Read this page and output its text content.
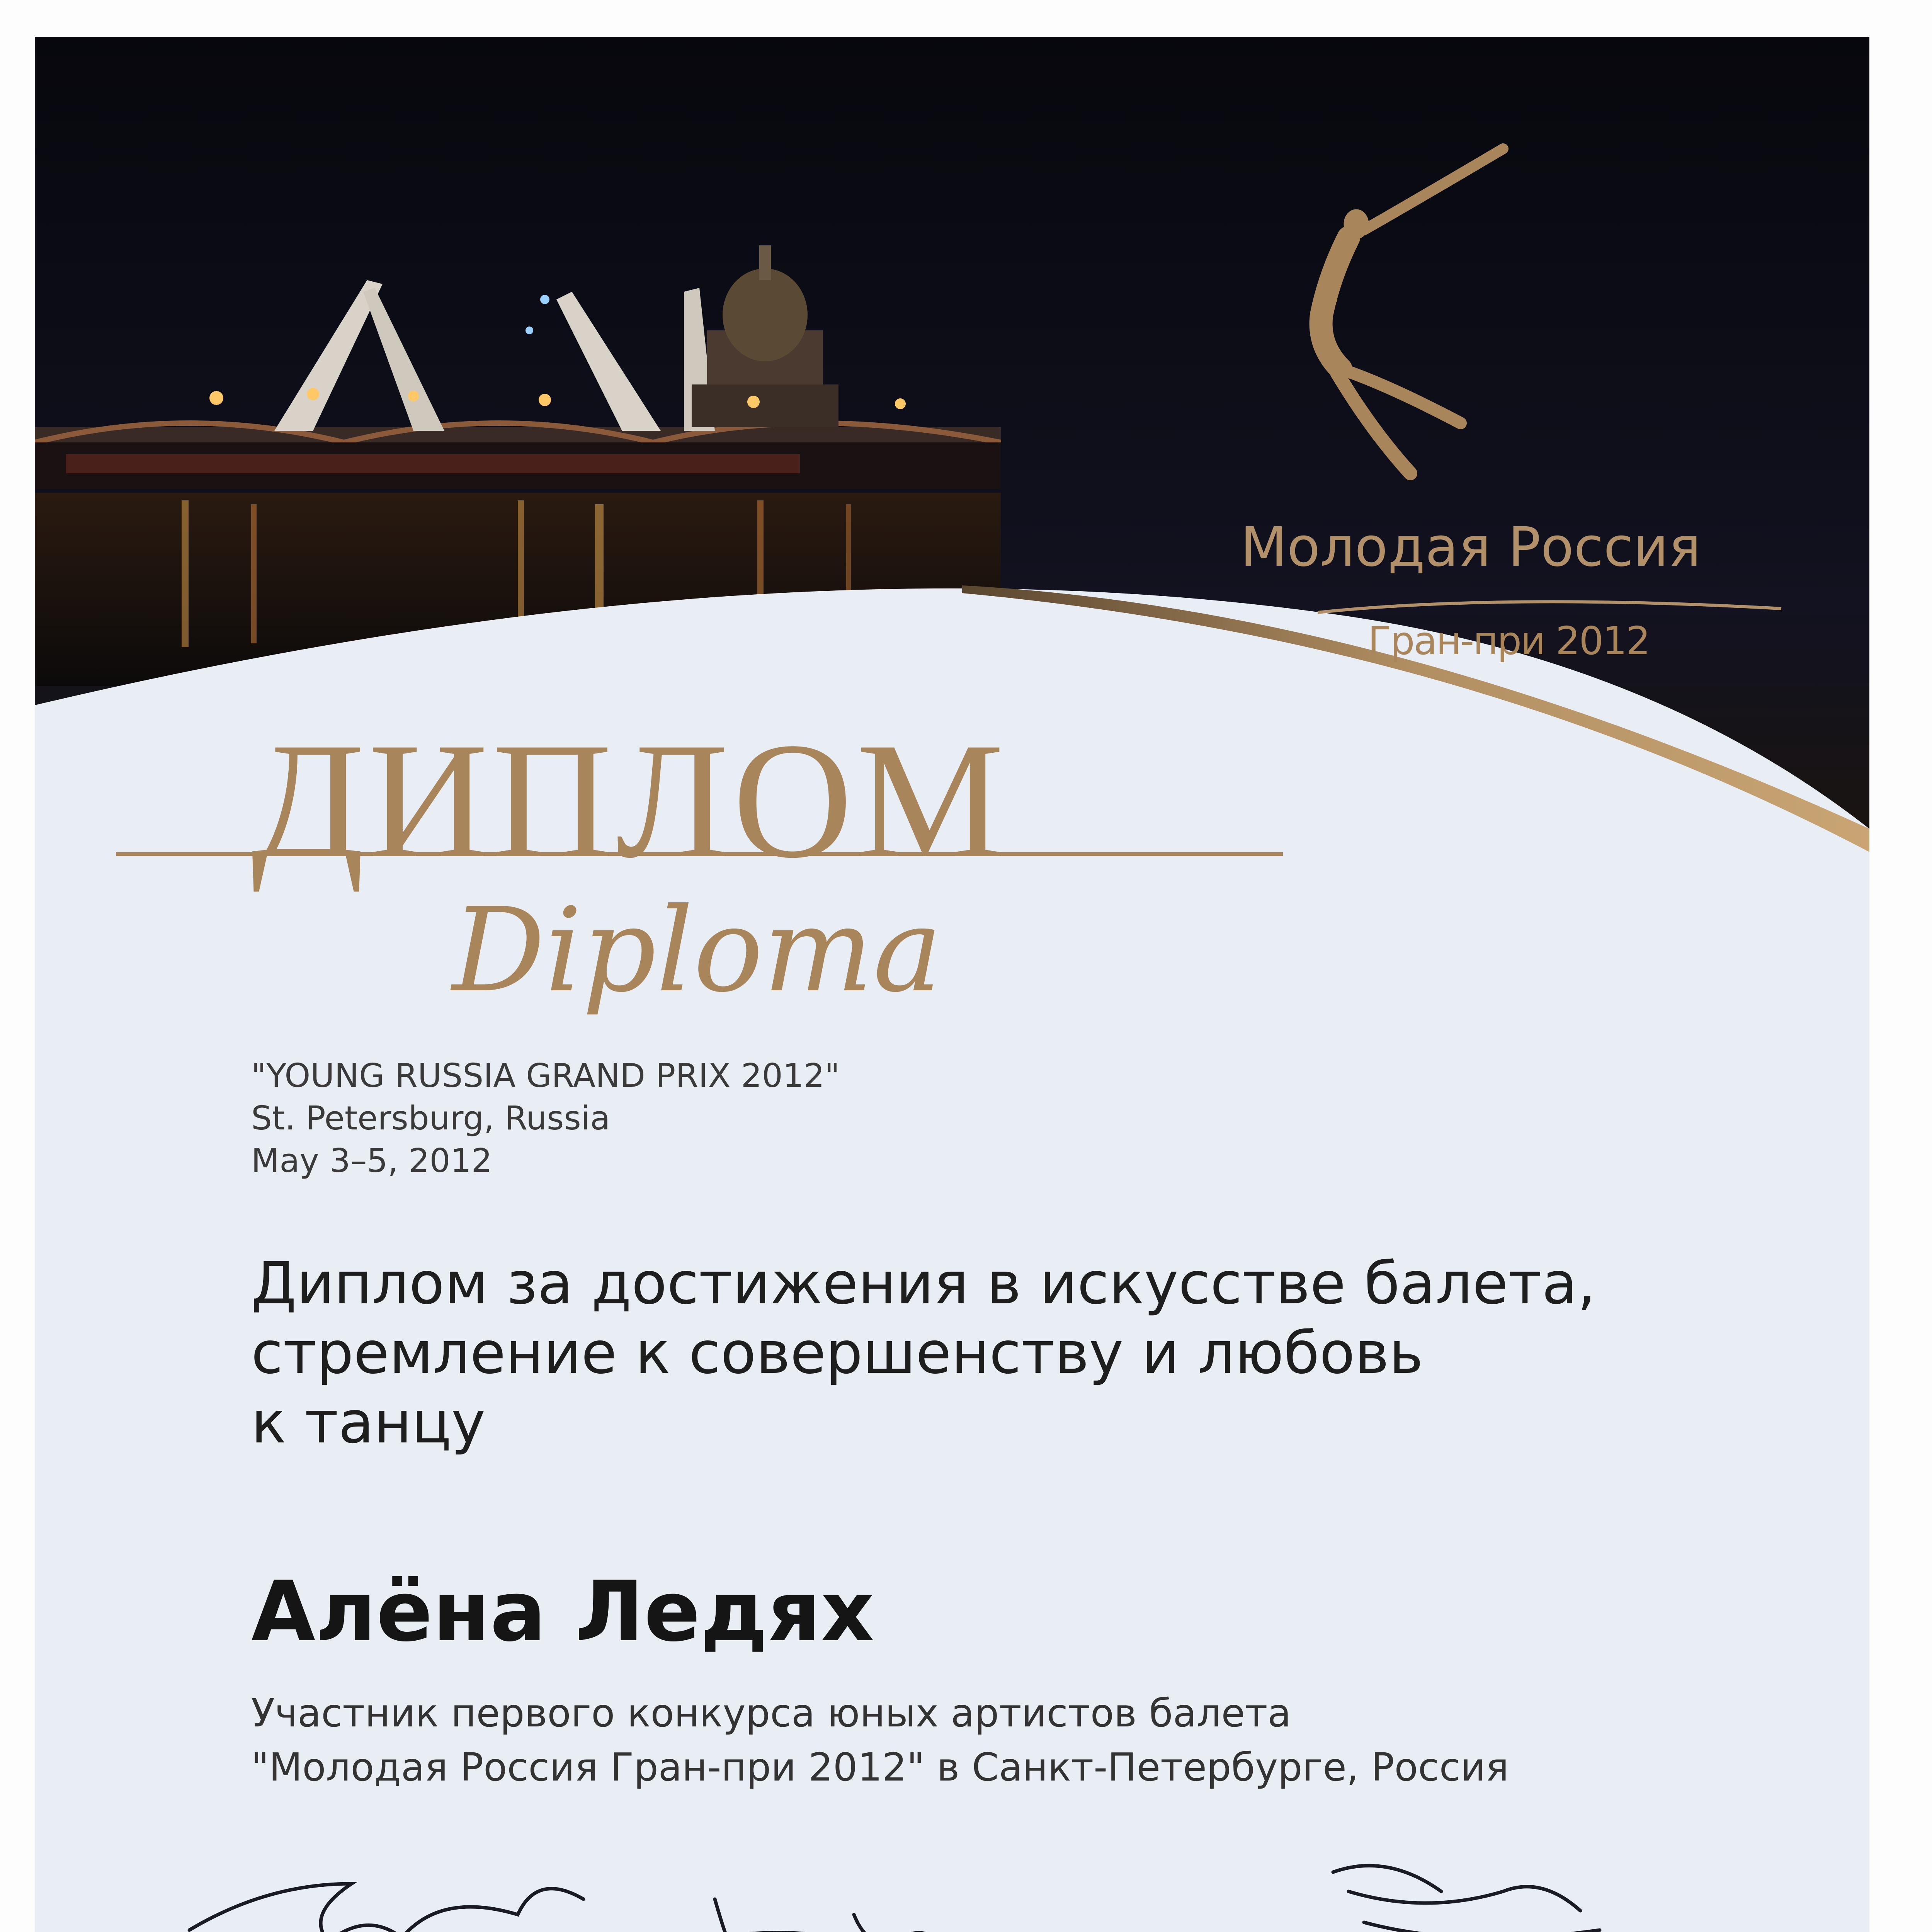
Молодая Россия
Гран-при 2012
ДИПЛОМ
Diploma
"YOUNG RUSSIA GRAND PRIX 2012"
St. Petersburg, Russia
May 3–5, 2012
Диплом за достижения в искусстве балета,
стремление к совершенству и любовь
к танцу
Алёна Ледях
Участник первого конкурса юных артистов балета
"Молодая Россия Гран-при 2012" в Санкт-Петербурге, Россия
